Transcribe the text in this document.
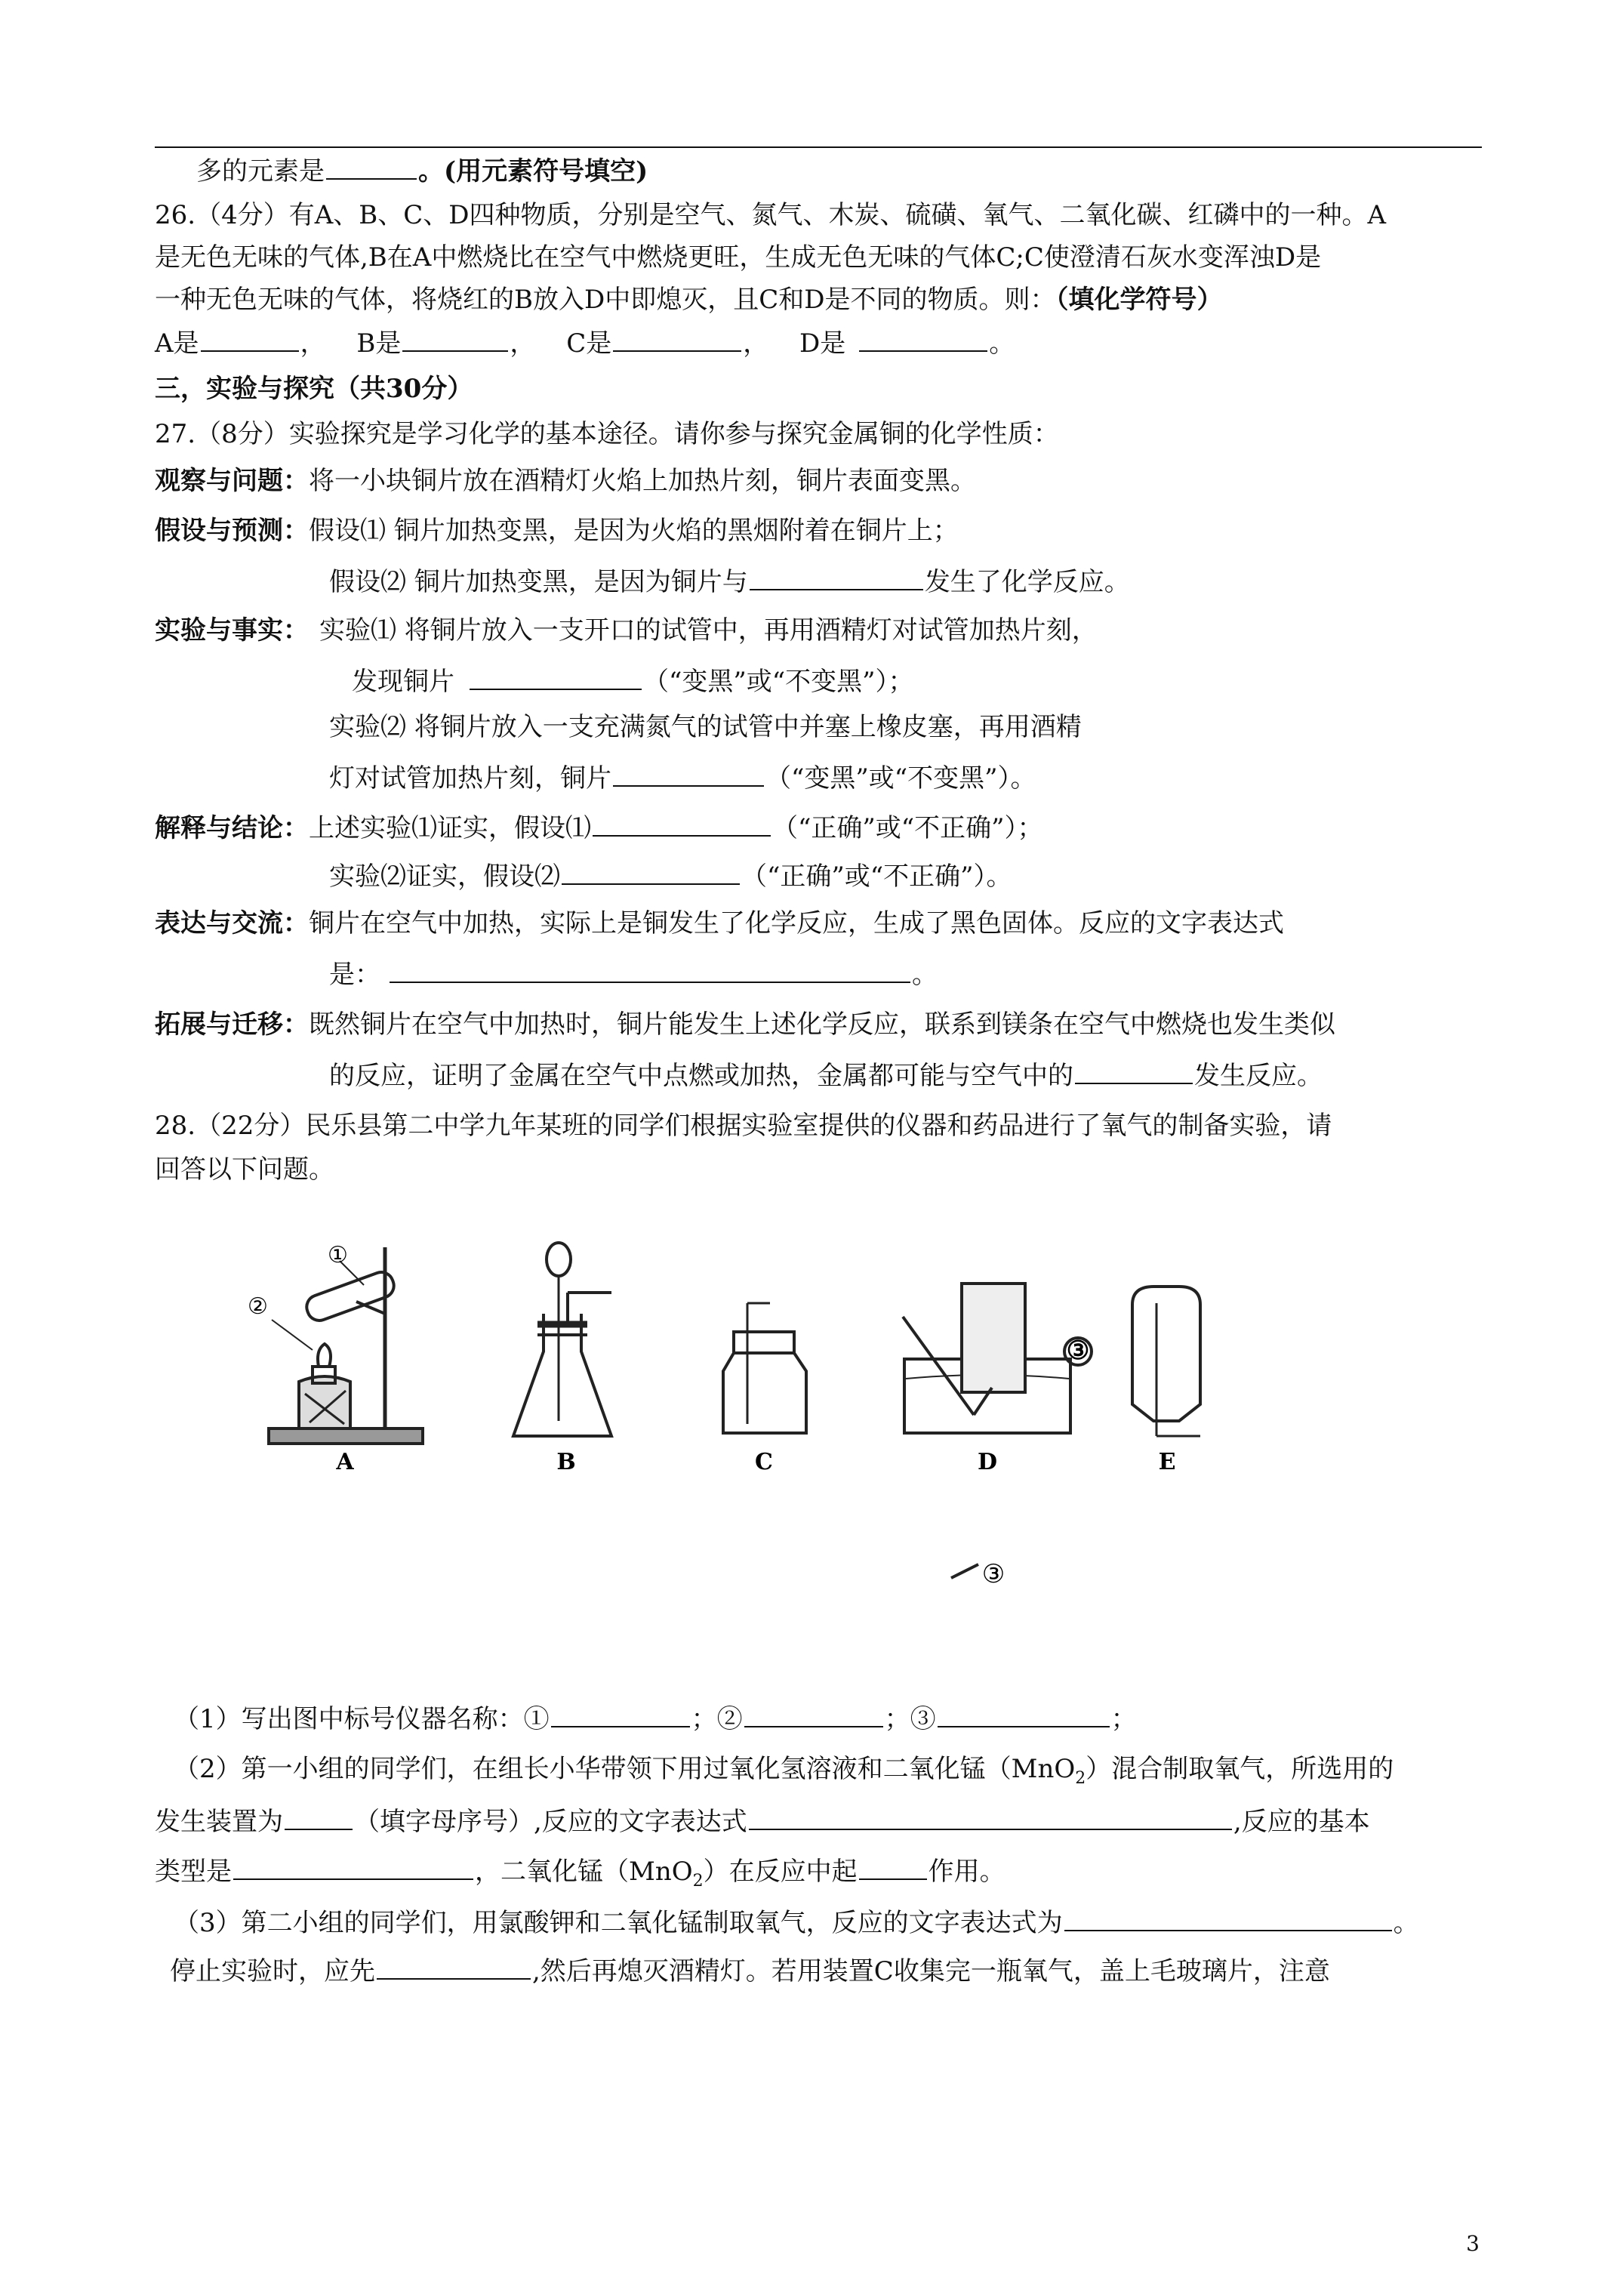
多的元素是	。(用元素符号填空)
26.（4分）有A、B、C、D四种物质，分别是空气、氮气、木炭、硫磺、氧气、二氧化碳、红磷中的一种。A
是无色无味的气体,B在A中燃烧比在空气中燃烧更旺，生成无色无味的气体C;C使澄清石灰水变浑浊D是
一种无色无味的气体，将烧红的B放入D中即熄灭，且C和D是不同的物质。则：（填化学符号）
A是	， B是	， C是	， D是	。
三，实验与探究（共30分）
27.（8分）实验探究是学习化学的基本途径。请你参与探究金属铜的化学性质：
观察与问题：将一小块铜片放在酒精灯火焰上加热片刻，铜片表面变黑。
假设与预测：假设⑴ 铜片加热变黑，是因为火焰的黑烟附着在铜片上；
假设⑵ 铜片加热变黑，是因为铜片与	发生了化学反应。
实验与事实： 实验⑴ 将铜片放入一支开口的试管中，再用酒精灯对试管加热片刻，
发现铜片	（“变黑”或“不变黑”）；
实验⑵ 将铜片放入一支充满氮气的试管中并塞上橡皮塞，再用酒精
灯对试管加热片刻，铜片	（“变黑”或“不变黑”）。
解释与结论：上述实验⑴证实，假设⑴	（“正确”或“不正确”）；
实验⑵证实，假设⑵	（“正确”或“不正确”）。
表达与交流：铜片在空气中加热，实际上是铜发生了化学反应，生成了黑色固体。反应的文字表达式
是：	。
拓展与迁移：既然铜片在空气中加热时，铜片能发生上述化学反应，联系到镁条在空气中燃烧也发生类似
的反应，证明了金属在空气中点燃或加热，金属都可能与空气中的	发生反应。
28.（22分）民乐县第二中学九年某班的同学们根据实验室提供的仪器和药品进行了氧气的制备实验，请
回答以下问题。
A	B	C	D	E
①
②
③
③
（1）写出图中标号仪器名称：①	；②	；③	；
（2）第一小组的同学们，在组长小华带领下用过氧化氢溶液和二氧化锰（MnO$_2$）混合制取氧气，所选用的
发生装置为	（填字母序号）,反应的文字表达式	,反应的基本
类型是	，二氧化锰（MnO$_2$）在反应中起	作用。
（3）第二小组的同学们，用氯酸钾和二氧化锰制取氧气，反应的文字表达式为	。
停止实验时，应先	,然后再熄灭酒精灯。若用装置C收集完一瓶氧气，盖上毛玻璃片，注意
3
